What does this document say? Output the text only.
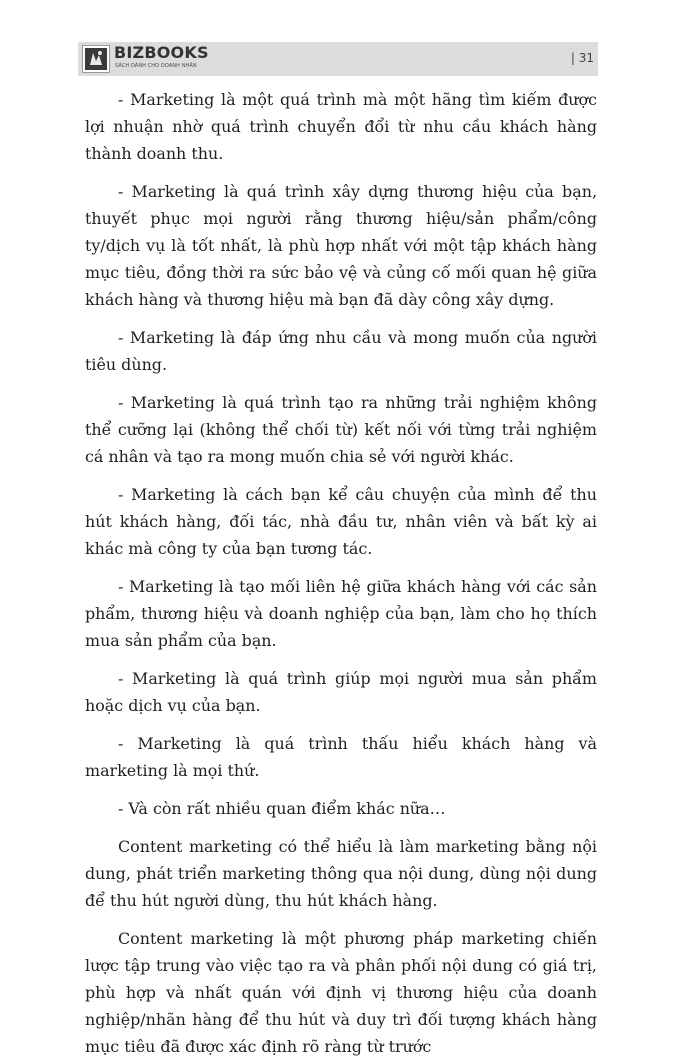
BIZBOOKS
SÁCH DÀNH CHO DOANH NHÂN
| 31

- Marketing là một quá trình mà một hãng tìm kiếm được lợi nhuận nhờ quá trình chuyển đổi từ nhu cầu khách hàng thành doanh thu.

- Marketing là quá trình xây dựng thương hiệu của bạn, thuyết phục mọi người rằng thương hiệu/sản phẩm/công ty/dịch vụ là tốt nhất, là phù hợp nhất với một tập khách hàng mục tiêu, đồng thời ra sức bảo vệ và củng cố mối quan hệ giữa khách hàng và thương hiệu mà bạn đã dày công xây dựng.

- Marketing là đáp ứng nhu cầu và mong muốn của người tiêu dùng.

- Marketing là quá trình tạo ra những trải nghiệm không thể cưỡng lại (không thể chối từ) kết nối với từng trải nghiệm cá nhân và tạo ra mong muốn chia sẻ với người khác.

- Marketing là cách bạn kể câu chuyện của mình để thu hút khách hàng, đối tác, nhà đầu tư, nhân viên và bất kỳ ai khác mà công ty của bạn tương tác.

- Marketing là tạo mối liên hệ giữa khách hàng với các sản phẩm, thương hiệu và doanh nghiệp của bạn, làm cho họ thích mua sản phẩm của bạn.

- Marketing là quá trình giúp mọi người mua sản phẩm hoặc dịch vụ của bạn.

- Marketing là quá trình thấu hiểu khách hàng và marketing là mọi thứ.

- Và còn rất nhiều quan điểm khác nữa…

Content marketing có thể hiểu là làm marketing bằng nội dung, phát triển marketing thông qua nội dung, dùng nội dung để thu hút người dùng, thu hút khách hàng.

Content marketing là một phương pháp marketing chiến lược tập trung vào việc tạo ra và phân phối nội dung có giá trị, phù hợp và nhất quán với định vị thương hiệu của doanh nghiệp/nhãn hàng để thu hút và duy trì đối tượng khách hàng mục tiêu đã được xác định rõ ràng từ trước
